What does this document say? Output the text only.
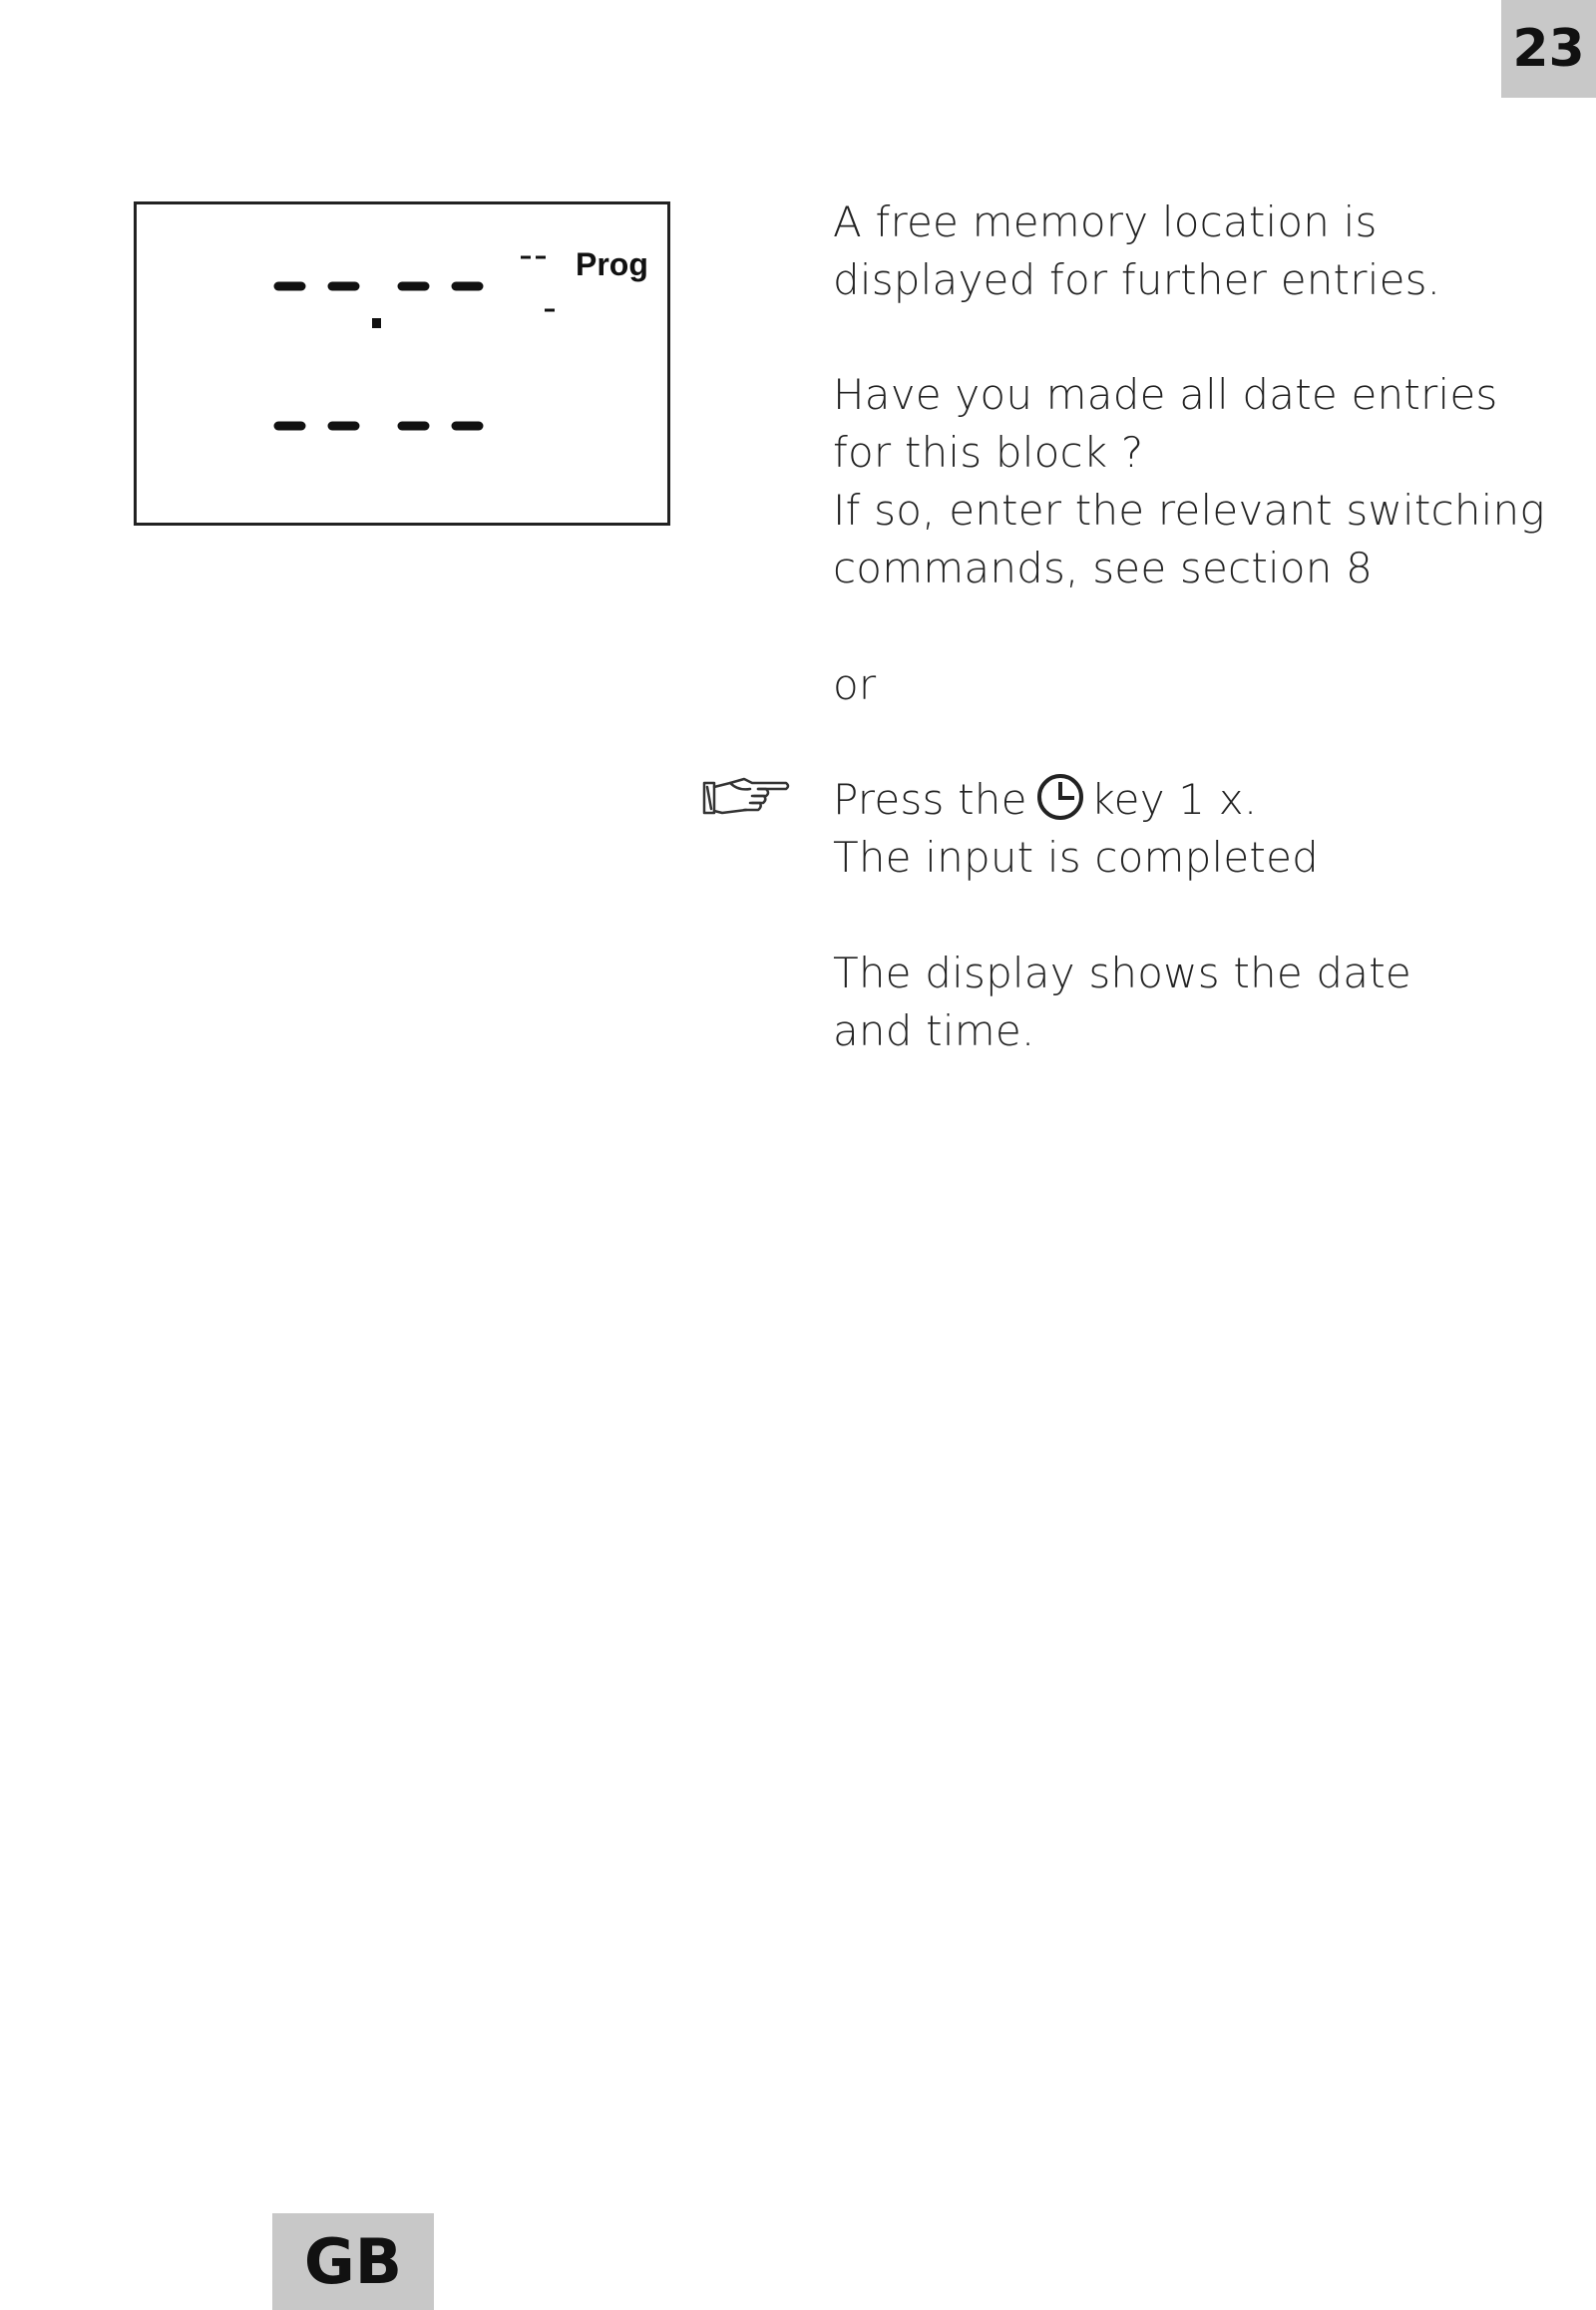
23
Prog
A free memory location is
displayed for further entries.
Have you made all date entries
for this block ?
If so, enter the relevant switching
commands, see section 8
or
Press the key 1 x.
The input is completed
The display shows the date
and time.
GB
